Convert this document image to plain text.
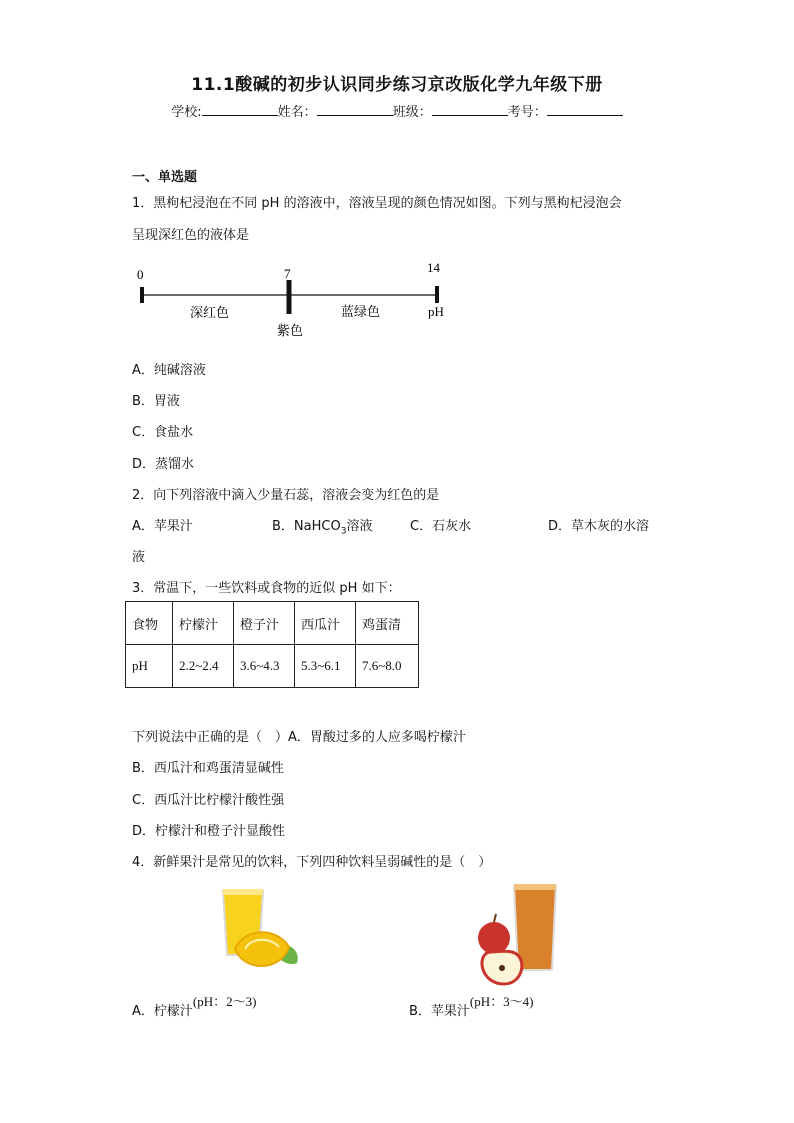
11.1酸碱的初步认识同步练习京改版化学九年级下册
学校:	姓名：	班级：	考号：
一、单选题
1．黑枸杞浸泡在不同 pH 的溶液中，溶液呈现的颜色情况如图。下列与黑枸杞浸泡会
呈现深红色的液体是
0	7	14
深红色
紫色
蓝绿色	pH
A．纯碱溶液
B．胃液
C．食盐水
D．蒸馏水
2．向下列溶液中滴入少量石蕊，溶液会变为红色的是
A．苹果汁	B．NaHCO$_3$溶液	C．石灰水	D．草木灰的水溶
液
3．常温下，一些饮料或食物的近似 pH 如下：
食物	柠檬汁	橙子汁	西瓜汁	鸡蛋清
pH	2.2~2.4	3.6~4.3	5.3~6.1	7.6~8.0
下列说法中正确的是（　）A．胃酸过多的人应多喝柠檬汁
B．西瓜汁和鸡蛋清显碱性
C．西瓜汁比柠檬汁酸性强
D．柠檬汁和橙子汁显酸性
4．新鲜果汁是常见的饮料，下列四种饮料呈弱碱性的是（　）
A．柠檬汁(pH：2～3)
B．苹果汁(pH：3～4)
